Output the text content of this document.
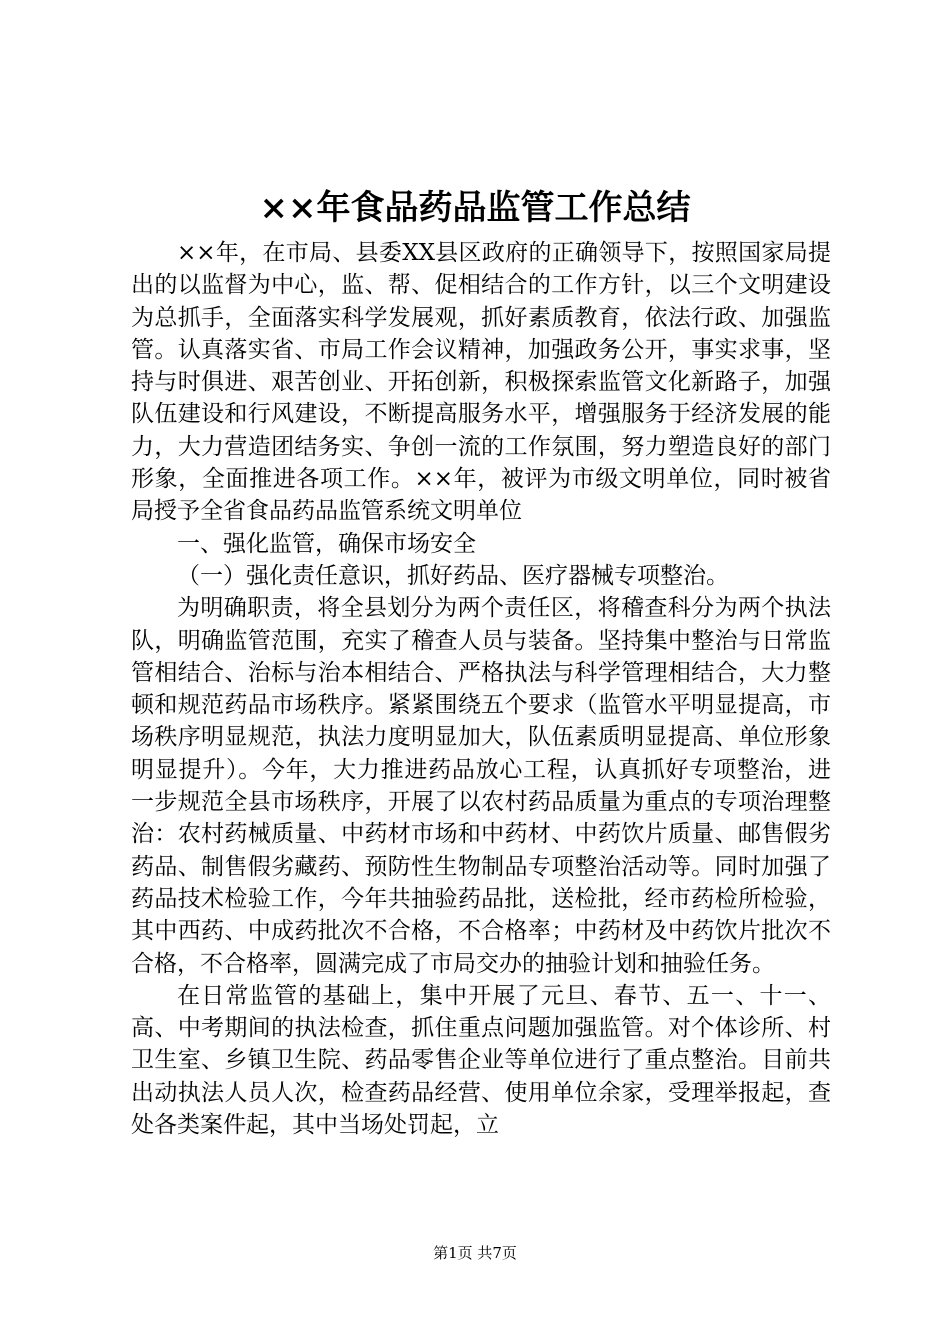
××年食品药品监管工作总结

××年，在市局、县委XX县区政府的正确领导下，按照国家局提出的以监督为中心，监、帮、促相结合的工作方针，以三个文明建设为总抓手，全面落实科学发展观，抓好素质教育，依法行政、加强监管。认真落实省、市局工作会议精神，加强政务公开，事实求事，坚持与时俱进、艰苦创业、开拓创新，积极探索监管文化新路子，加强队伍建设和行风建设，不断提高服务水平，增强服务于经济发展的能力，大力营造团结务实、争创一流的工作氛围，努力塑造良好的部门形象，全面推进各项工作。××年，被评为市级文明单位，同时被省局授予全省食品药品监管系统文明单位

一、强化监管，确保市场安全

（一）强化责任意识，抓好药品、医疗器械专项整治。

为明确职责，将全县划分为两个责任区，将稽查科分为两个执法队，明确监管范围，充实了稽查人员与装备。坚持集中整治与日常监管相结合、治标与治本相结合、严格执法与科学管理相结合，大力整顿和规范药品市场秩序。紧紧围绕五个要求（监管水平明显提高，市场秩序明显规范，执法力度明显加大，队伍素质明显提高、单位形象明显提升）。今年，大力推进药品放心工程，认真抓好专项整治，进一步规范全县市场秩序，开展了以农村药品质量为重点的专项治理整治：农村药械质量、中药材市场和中药材、中药饮片质量、邮售假劣药品、制售假劣藏药、预防性生物制品专项整治活动等。同时加强了药品技术检验工作，今年共抽验药品批，送检批，经市药检所检验，其中西药、中成药批次不合格，不合格率；中药材及中药饮片批次不合格，不合格率，圆满完成了市局交办的抽验计划和抽验任务。

在日常监管的基础上，集中开展了元旦、春节、五一、十一、高、中考期间的执法检查，抓住重点问题加强监管。对个体诊所、村卫生室、乡镇卫生院、药品零售企业等单位进行了重点整治。目前共出动执法人员人次，检查药品经营、使用单位余家，受理举报起，查处各类案件起，其中当场处罚起，立

第1页 共7页
